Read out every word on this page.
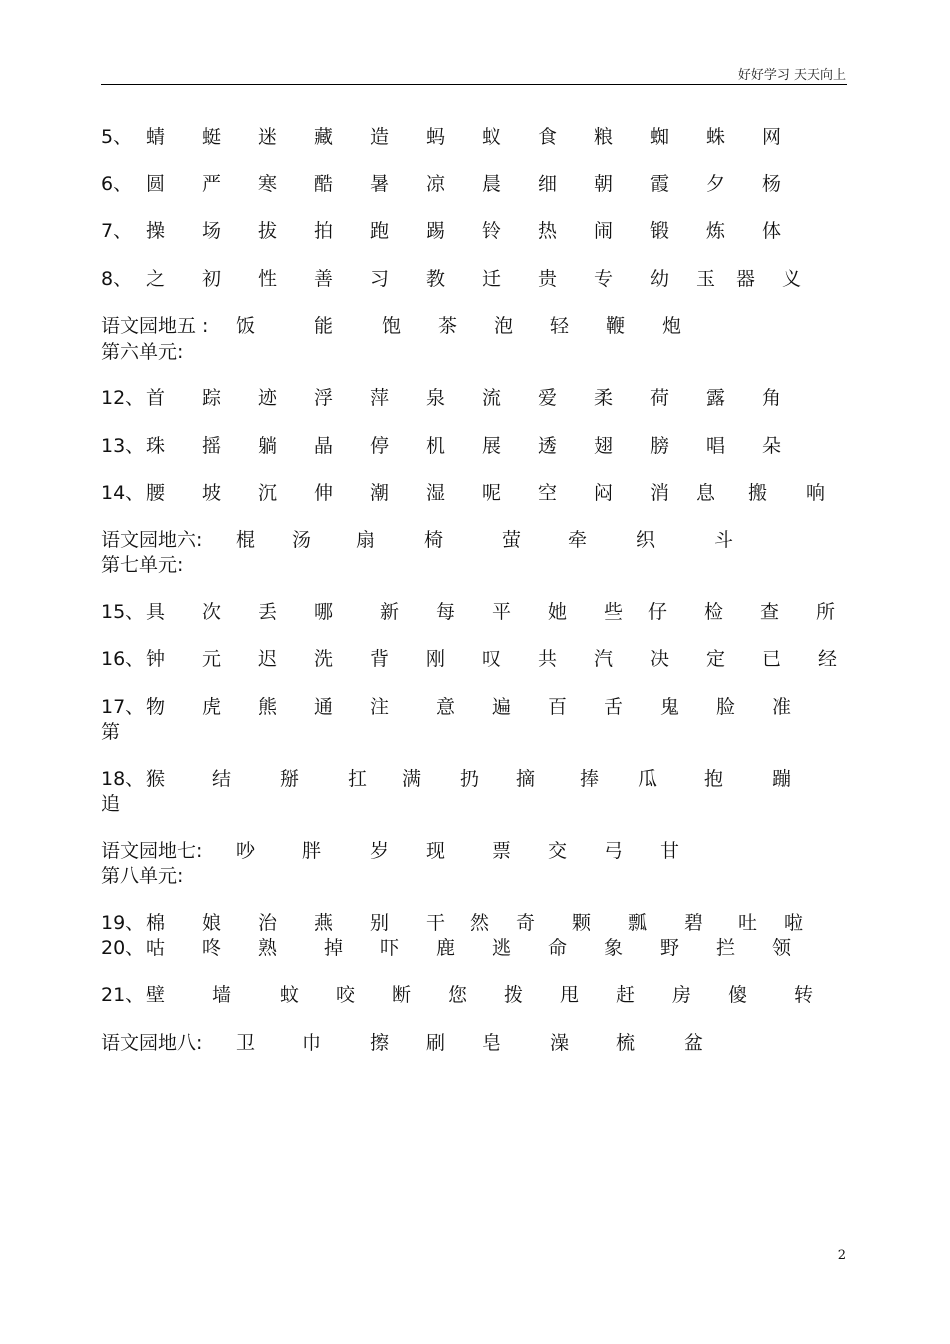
好好学习 天天向上
5、 蜻 蜓 迷 藏 造 蚂 蚁 食 粮 蜘 蛛 网
6、 圆 严 寒 酷 暑 凉 晨 细 朝 霞 夕 杨
7、 操 场 拔 拍 跑 踢 铃 热 闹 锻 炼 体
8、 之 初 性 善 习 教 迁 贵 专 幼 玉 器 义
语文园地五 : 饭	能	饱 茶 泡 轻 鞭 炮
12、 首 踪 迹 浮 萍 泉 流 爱 柔 荷 露 角
13、 珠 摇 躺 晶 停 机 展 透 翅 膀 唱 朵
14、 腰 坡 沉 伸 潮 湿 呢 空 闷 消 息 搬 响
语文园地六: 棍 汤 扇	椅	萤 牵	织	斗
15、 具 次 丢 哪 新 每 平 她 些 仔 检 查 所
16、 钟 元 迟 洗 背 刚 叹 共 汽 决 定 已 经
17、 物 虎 熊 通 注 意 遍 百 舌 鬼 脸 准
第
18、 猴 结	掰	扛 满 扔 摘 捧 瓜 抱	蹦
追
语文园地七: 吵 胖	岁 现 票 交 弓 甘
19、 棉 娘 治 燕 别 干 然 奇 颗 瓢 碧 吐 啦
20、 咕 咚 熟 掉 吓 鹿 逃 命 象 野 拦 领
21、 壁 墙	蚊 咬 断 您 拨 甩 赶 房 傻 转
语文园地八: 卫 巾	擦 刷 皂	澡 梳	盆
第六单元:
第七单元:
第八单元:
2
